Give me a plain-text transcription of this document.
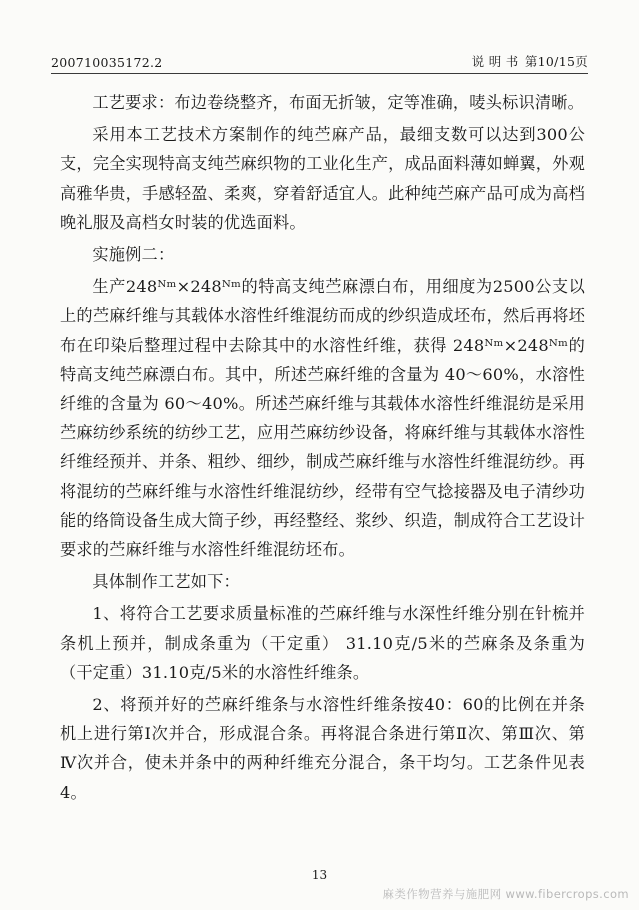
200710035172.2	说 明 书 第10/15页

工艺要求：布边卷绕整齐，布面无折皱，定等准确，唛头标识清晰。

采用本工艺技术方案制作的纯苎麻产品，最细支数可以达到300公支，完全实现特高支纯苎麻织物的工业化生产，成品面料薄如蝉翼，外观高雅华贵，手感轻盈、柔爽，穿着舒适宜人。此种纯苎麻产品可成为高档晚礼服及高档女时装的优选面料。

实施例二：

生产248ᴺᵐ×248ᴺᵐ的特高支纯苎麻漂白布，用细度为2500公支以上的苎麻纤维与其载体水溶性纤维混纺而成的纱织造成坯布，然后再将坯布在印染后整理过程中去除其中的水溶性纤维，获得 248ᴺᵐ×248ᴺᵐ的特高支纯苎麻漂白布。其中，所述苎麻纤维的含量为 40～60%，水溶性纤维的含量为 60～40%。所述苎麻纤维与其载体水溶性纤维混纺是采用苎麻纺纱系统的纺纱工艺，应用苎麻纺纱设备，将麻纤维与其载体水溶性纤维经预并、并条、粗纱、细纱，制成苎麻纤维与水溶性纤维混纺纱。再将混纺的苎麻纤维与水溶性纤维混纺纱，经带有空气捻接器及电子清纱功能的络筒设备生成大筒子纱，再经整经、浆纱、织造，制成符合工艺设计要求的苎麻纤维与水溶性纤维混纺坯布。

具体制作工艺如下：

1、将符合工艺要求质量标准的苎麻纤维与水深性纤维分别在针梳并条机上预并，制成条重为（干定重） 31.10克/5米的苎麻条及条重为（干定重）31.10克/5米的水溶性纤维条。

2、将预并好的苎麻纤维条与水溶性纤维条按40：60的比例在并条机上进行第Ⅰ次并合，形成混合条。再将混合条进行第Ⅱ次、第Ⅲ次、第Ⅳ次并合，使未并条中的两种纤维充分混合，条干均匀。工艺条件见表4。

13
麻类作物营养与施肥网 www.fibercrops.com
